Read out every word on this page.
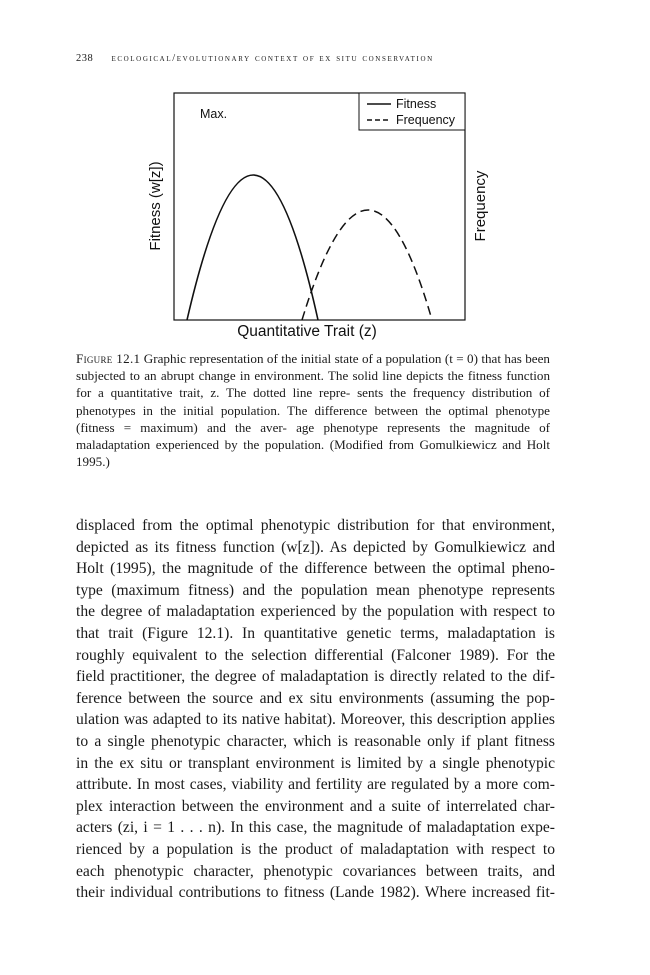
238 ecological/evolutionary context of ex situ conservation
Max.
Fitness
Frequency
Fitness (w[z])	Frequency
Quantitative Trait (z)
Figure 12.1 Graphic representation of the initial state of a population (t = 0) that has been subjected to an abrupt change in environment. The solid line depicts the fitness function for a quantitative trait, z. The dotted line repre- sents the frequency distribution of phenotypes in the initial population. The difference between the optimal phenotype (fitness = maximum) and the aver- age phenotype represents the magnitude of maladaptation experienced by the population. (Modified from Gomulkiewicz and Holt 1995.)
displaced from the optimal phenotypic distribution for that environment,
depicted as its fitness function (w[z]). As depicted by Gomulkiewicz and
Holt (1995), the magnitude of the difference between the optimal pheno-
type (maximum fitness) and the population mean phenotype represents
the degree of maladaptation experienced by the population with respect to
that trait (Figure 12.1). In quantitative genetic terms, maladaptation is
roughly equivalent to the selection differential (Falconer 1989). For the
field practitioner, the degree of maladaptation is directly related to the dif-
ference between the source and ex situ environments (assuming the pop-
ulation was adapted to its native habitat). Moreover, this description applies
to a single phenotypic character, which is reasonable only if plant fitness
in the ex situ or transplant environment is limited by a single phenotypic
attribute. In most cases, viability and fertility are regulated by a more com-
plex interaction between the environment and a suite of interrelated char-
acters (zi, i = 1 . . . n). In this case, the magnitude of maladaptation expe-
rienced by a population is the product of maladaptation with respect to
each phenotypic character, phenotypic covariances between traits, and
their individual contributions to fitness (Lande 1982). Where increased fit-
